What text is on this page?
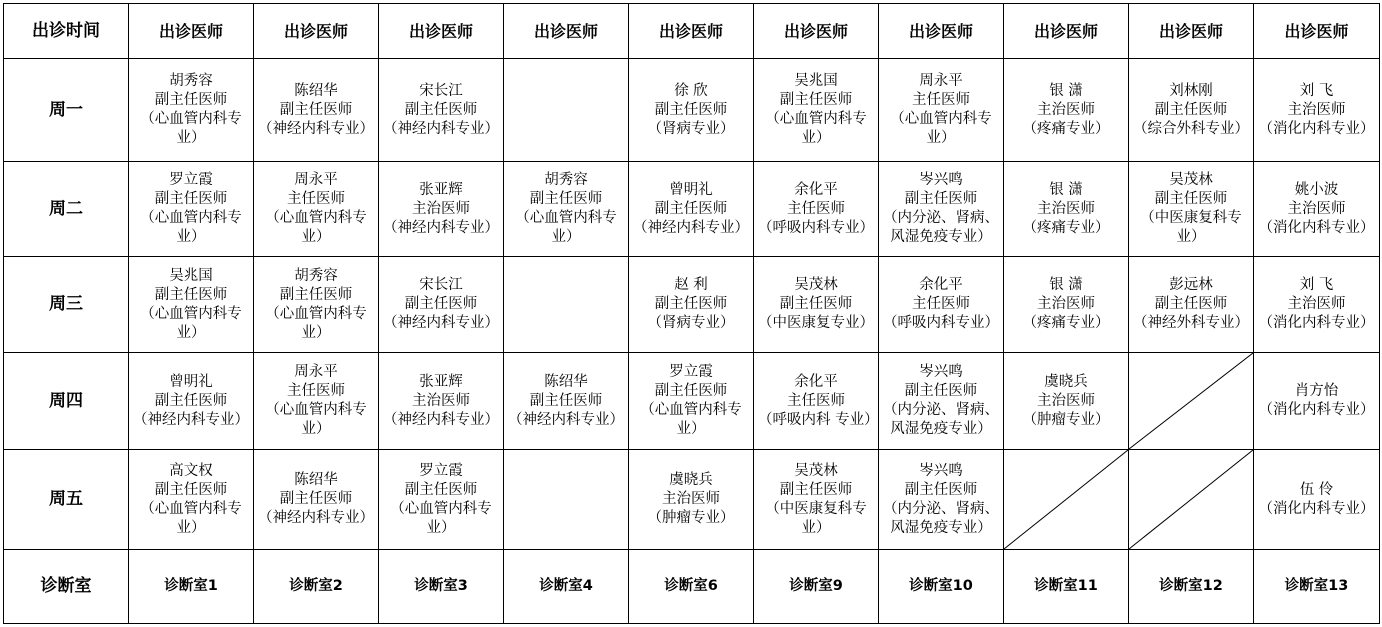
出诊时间	出诊医师	出诊医师	出诊医师	出诊医师	出诊医师	出诊医师	出诊医师	出诊医师	出诊医师	出诊医师
周一	胡秀容
副主任医师
（心血管内科专业）	陈绍华
副主任医师
（神经内科专业）	宋长江
副主任医师
（神经内科专业）		徐 欣
副主任医师
（肾病专业）	吴兆国
副主任医师
（心血管内科专业）	周永平
主任医师
（心血管内科专业）	银 潇
主治医师
（疼痛专业）	刘林刚
副主任医师
（综合外科专业）	刘 飞
主治医师
（消化内科专业）

周二	罗立霞
副主任医师
（心血管内科专业）	周永平
主任医师
（心血管内科专业）	张亚辉
主治医师
（神经内科专业）	胡秀容
副主任医师
（心血管内科专业）	曾明礼
副主任医师
（神经内科专业）	余化平
主任医师
（呼吸内科专业）	岑兴鸣
副主任医师
（内分泌、肾病、风湿免疫专业）	银 潇
主治医师
（疼痛专业）	吴茂林
副主任医师
（中医康复科专业）	姚小波
主治医师
（消化内科专业）

周三	吴兆国
副主任医师
（心血管内科专业）	胡秀容
副主任医师
（心血管内科专业）	宋长江
副主任医师
（神经内科专业）		赵 利
副主任医师
（肾病专业）	吴茂林
副主任医师
（中医康复专业）	余化平
主任医师
（呼吸内科专业）	银 潇
主治医师
（疼痛专业）	彭远林
副主任医师
（神经外科专业）	刘 飞
主治医师
（消化内科专业）

周四	曾明礼
副主任医师
（神经内科专业）	周永平
主任医师
（心血管内科专业）	张亚辉
主治医师
（神经内科专业）	陈绍华
副主任医师
（神经内科专业）	罗立霞
副主任医师
（心血管内科专业）	余化平
主任医师
（呼吸内科 专业）	岑兴鸣
副主任医师
（内分泌、肾病、风湿免疫专业）	虞晓兵
主治医师
（肿瘤专业）		肖方怡
（消化内科专业）

周五	高文权
副主任医师
（心血管内科专业）	陈绍华
副主任医师
（神经内科专业）	罗立霞
副主任医师
（心血管内科专业）		虞晓兵
主治医师
（肿瘤专业）	吴茂林
副主任医师
（中医康复科专业）	岑兴鸣
副主任医师
（内分泌、肾病、风湿免疫专业）			伍 伶
（消化内科专业）

诊断室	诊断室1	诊断室2	诊断室3	诊断室4	诊断室6	诊断室9	诊断室10	诊断室11	诊断室12	诊断室13
